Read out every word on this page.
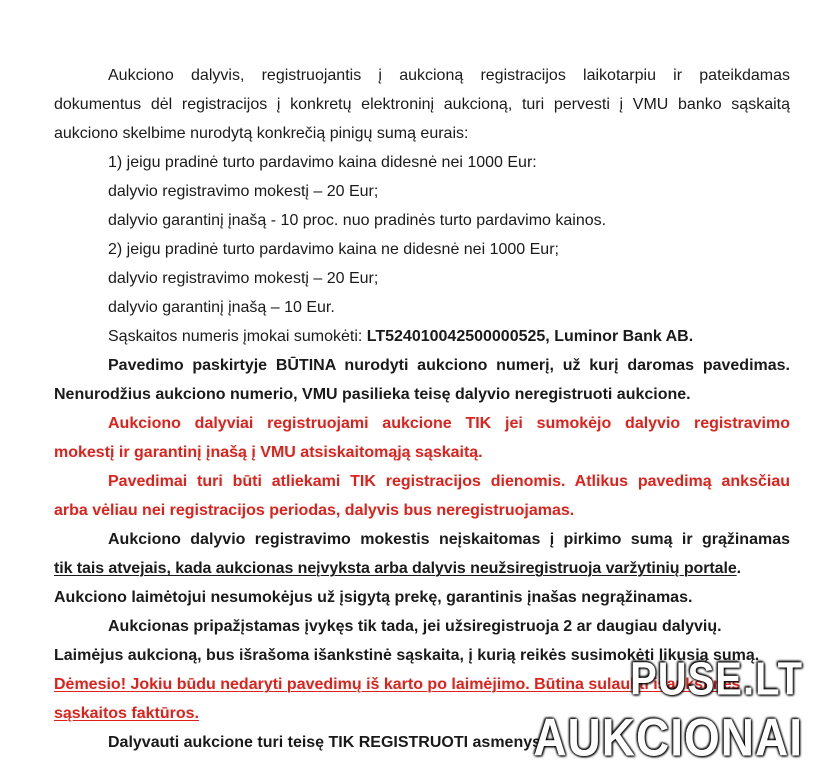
Aukciono dalyvis, registruojantis į aukcioną registracijos laikotarpiu ir pateikdamas

dokumentus dėl registracijos į konkretų elektroninį aukcioną, turi pervesti į VMU banko sąskaitą

aukciono skelbime nurodytą konkrečią pinigų sumą eurais:

1) jeigu pradinė turto pardavimo kaina didesnė nei 1000 Eur:

dalyvio registravimo mokestį – 20 Eur;

dalyvio garantinį įnašą - 10 proc. nuo pradinės turto pardavimo kainos.

2) jeigu pradinė turto pardavimo kaina ne didesnė nei 1000 Eur;

dalyvio registravimo mokestį – 20 Eur;

dalyvio garantinį įnašą – 10 Eur.

Sąskaitos numeris įmokai sumokėti: LT524010042500000525, Luminor Bank AB.

Pavedimo paskirtyje BŪTINA nurodyti aukciono numerį, už kurį daromas pavedimas.

Nenurodžius aukciono numerio, VMU pasilieka teisę dalyvio neregistruoti aukcione.

Aukciono dalyviai registruojami aukcione TIK jei sumokėjo dalyvio registravimo

mokestį ir garantinį įnašą į VMU atsiskaitomąją sąskaitą.

Pavedimai turi būti atliekami TIK registracijos dienomis. Atlikus pavedimą anksčiau

arba vėliau nei registracijos periodas, dalyvis bus neregistruojamas.

Aukciono dalyvio registravimo mokestis neįskaitomas į pirkimo sumą ir grąžinamas

tik tais atvejais, kada aukcionas neįvyksta arba dalyvis neužsiregistruoja varžytinių portale.

Aukciono laimėtojui nesumokėjus už įsigytą prekę, garantinis įnašas negrąžinamas.

Aukcionas pripažįstamas įvykęs tik tada, jei užsiregistruoja 2 ar daugiau dalyvių.

Laimėjus aukcioną, bus išrašoma išankstinė sąskaita, į kurią reikės susimokėti likusią sumą.

Dėmesio! Jokiu būdu nedaryti pavedimų iš karto po laimėjimo. Būtina sulaukti išankstinės

sąskaitos faktūros.

Dalyvauti aukcione turi teisę TIK REGISTRUOTI asmenys

PUSE.LT
AUKCIONAI
